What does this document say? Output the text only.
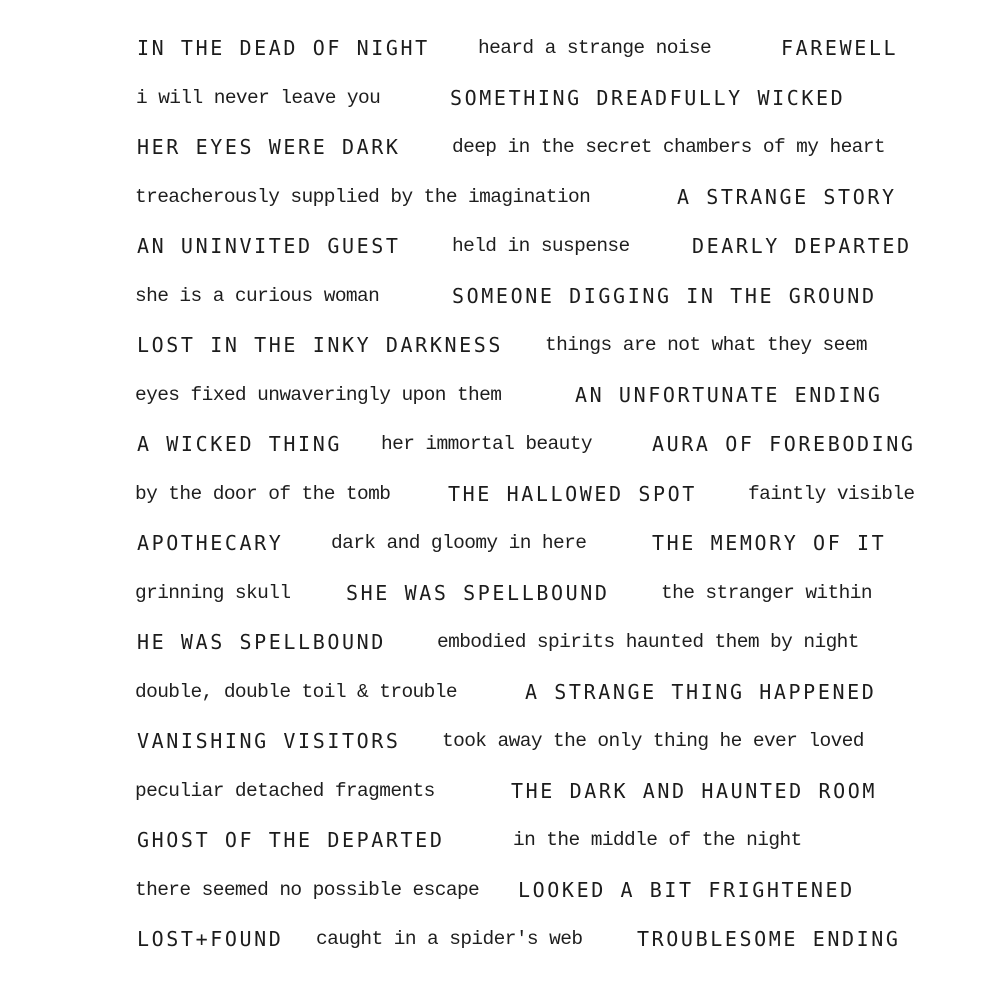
IN THE DEAD OF NIGHT heard a strange noise	FAREWELL
i will never leave you	SOMETHING DREADFULLY WICKED
HER EYES WERE DARK	deep in the secret chambers of my heart
treacherously supplied by the imagination	A STRANGE STORY
AN UNINVITED GUEST	held in suspense	DEARLY DEPARTED
she is a curious woman	SOMEONE DIGGING IN THE GROUND
LOST IN THE INKY DARKNESS things are not what they seem
eyes fixed unwaveringly upon them	AN UNFORTUNATE ENDING
A WICKED THING her immortal beauty	AURA OF FOREBODING
by the door of the tomb	THE HALLOWED SPOT	faintly visible
APOTHECARY dark and gloomy in here	THE MEMORY OF IT
grinning skull	SHE WAS SPELLBOUND	the stranger within
HE WAS SPELLBOUND	embodied spirits haunted them by night
double, double toil & trouble	A STRANGE THING HAPPENED
VANISHING VISITORS took away the only thing he ever loved
peculiar detached fragments	THE DARK AND HAUNTED ROOM
GHOST OF THE DEPARTED	in the middle of the night
there seemed no possible escape LOOKED A BIT FRIGHTENED
LOST+FOUND caught in a spider's web	TROUBLESOME ENDING
